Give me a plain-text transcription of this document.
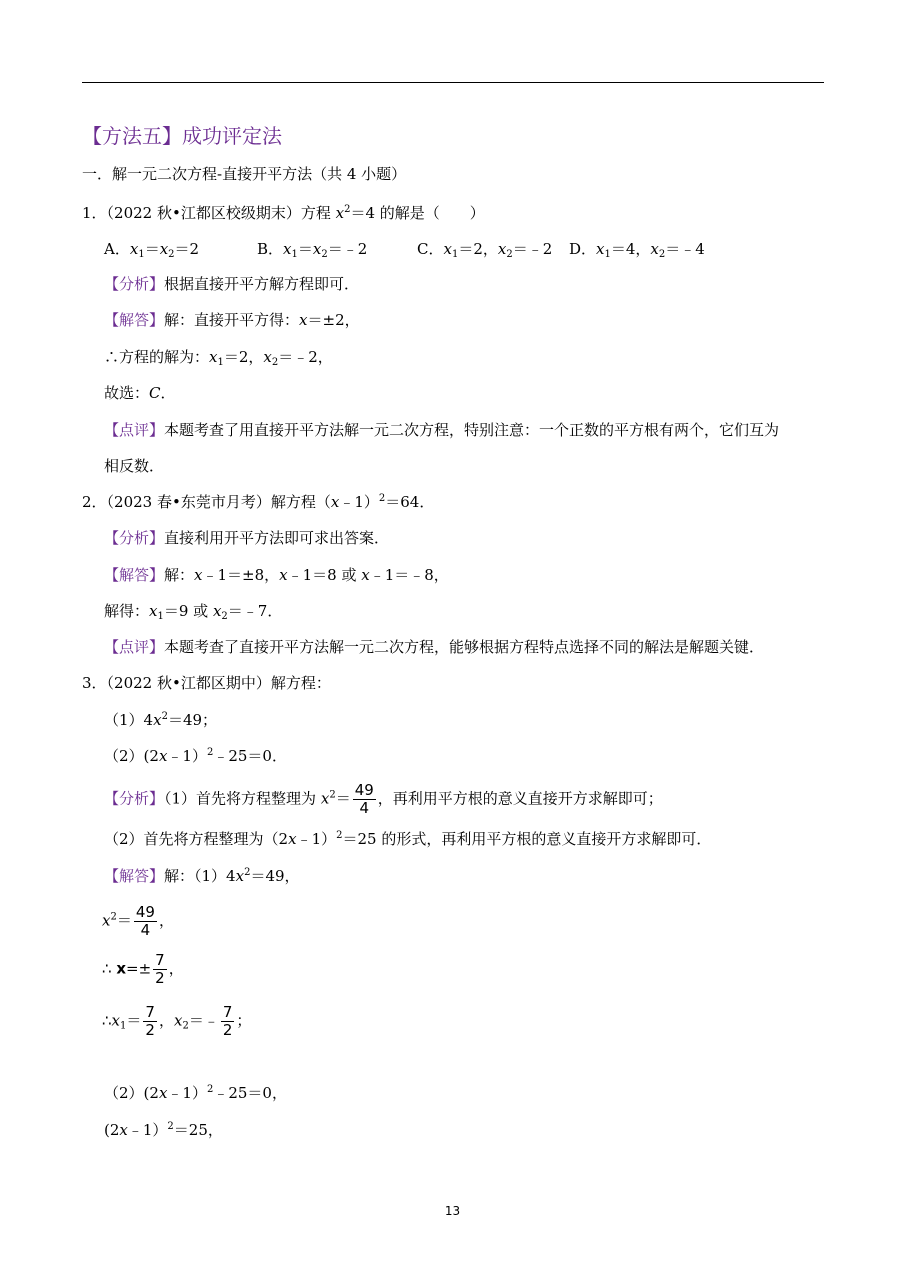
【方法五】成功评定法
一．解一元二次方程-直接开平方法（共 4 小题）
1．（2022 秋•江都区校级期末）方程 $x^2=4$ 的解是（　　）
A．$x_1=x_2=2$	B．$x_1=x_2=﹣2$	C．$x_1=2$，$x_2=﹣2$ D．$x_1=4$，$x_2=﹣4$
【分析】根据直接开平方解方程即可．
【解答】解：直接开平方得：x＝±2，
∴方程的解为：$x_1=2$，$x_2=﹣2$，
故选：C．
【点评】本题考查了用直接开平方法解一元二次方程，特别注意：一个正数的平方根有两个，它们互为
相反数．
2．（2023 春•东莞市月考）解方程（x﹣1）$^2$＝64．
【分析】直接利用开平方法即可求出答案．
【解答】解：x﹣1＝±8，x﹣1＝8 或 x﹣1＝﹣8，
解得：$x_1=9$ 或 $x_2=﹣7$．
【点评】本题考查了直接开平方法解一元二次方程，能够根据方程特点选择不同的解法是解题关键．
3．（2022 秋•江都区期中）解方程：
$(1)4x^2=49$；
（2）(2x﹣1）$^2$﹣25＝0．
【分析】（1）首先将方程整理为 $x^2= \frac{49}{4}$ ，再利用平方根的意义直接开方求解即可；
（2）首先将方程整理为（2x﹣1）$^2$＝25 的形式，再利用平方根的意义直接开方求解即可．
【解答】解：$(1)4x^2=49$，
$x^2= \frac{49}{4}$ ，
∴ $x=\pm \frac{7}{2}$ ，
$\therefore x_1= \frac{7}{2}$ ，$x_2=﹣ \frac{7}{2}$ ；
（2）(2x﹣1）$^2$﹣25＝0，
(2x﹣1）$^2$＝25，
13
